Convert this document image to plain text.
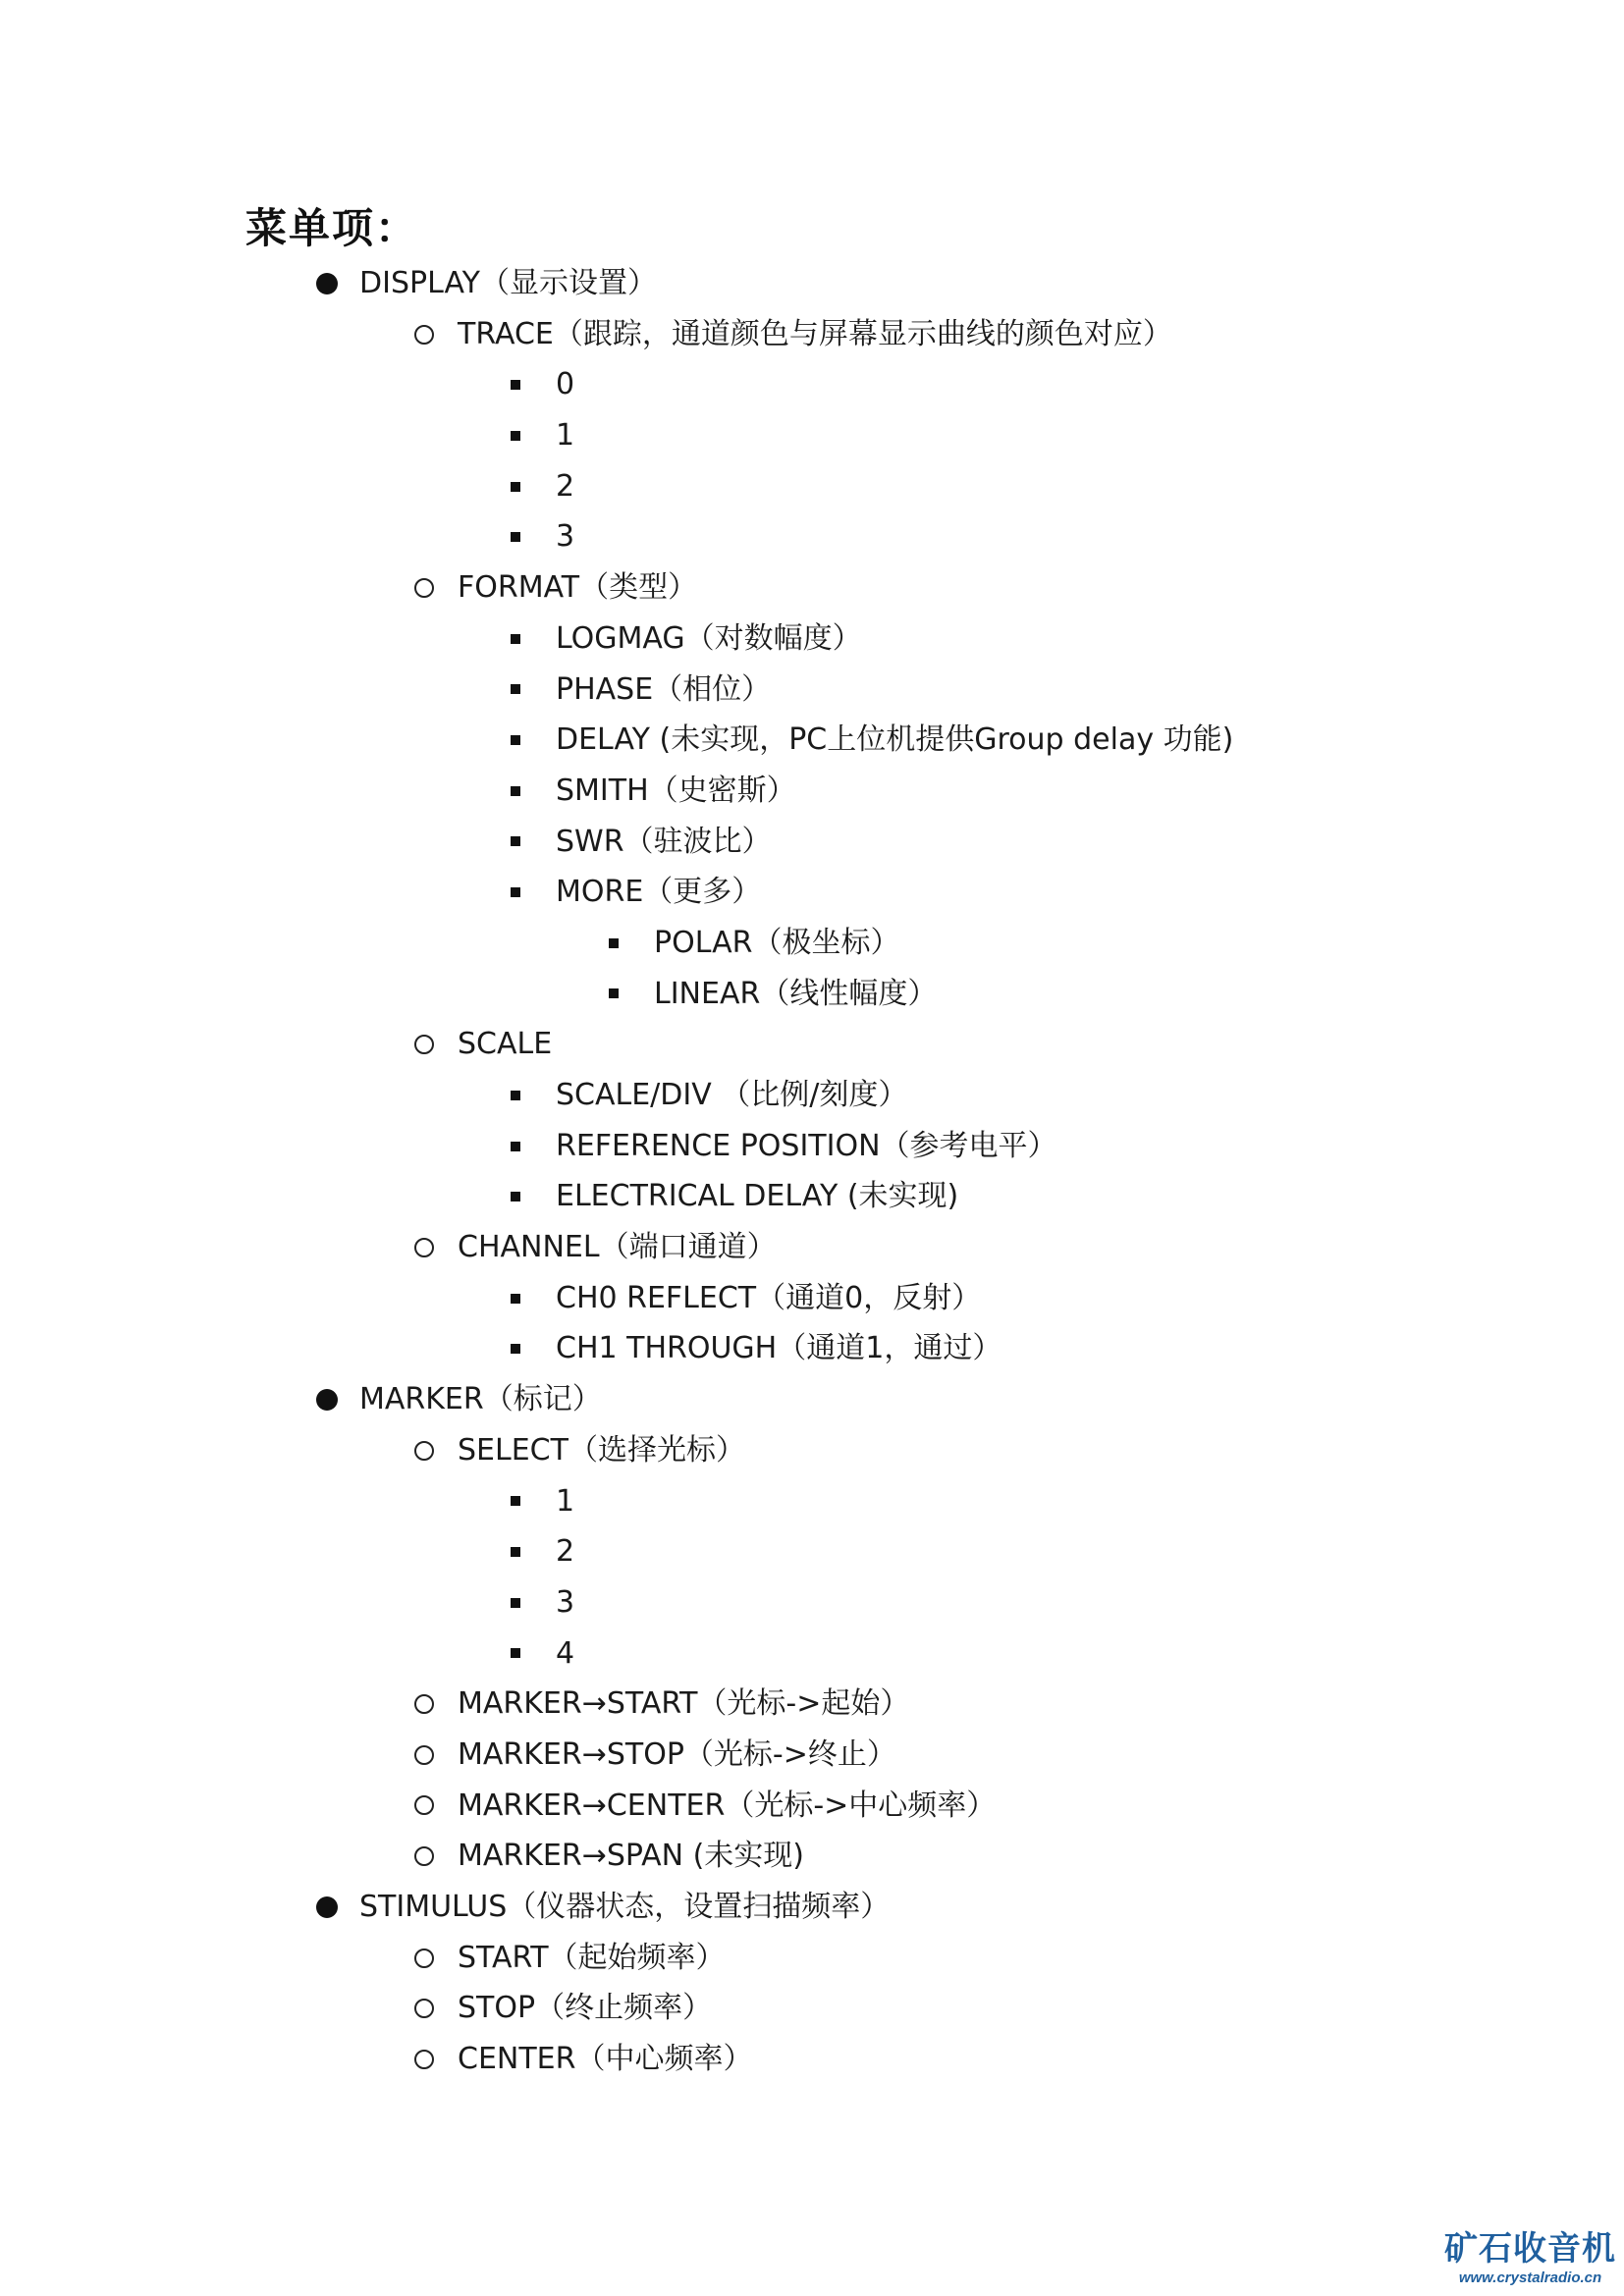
菜单项：
DISPLAY（显示设置）
TRACE（跟踪，通道颜色与屏幕显示曲线的颜色对应）
0
1
2
3
FORMAT（类型）
LOGMAG（对数幅度）
PHASE（相位）
DELAY (未实现，PC上位机提供Group delay 功能)
SMITH（史密斯）
SWR（驻波比）
MORE（更多）
POLAR（极坐标）
LINEAR（线性幅度）
SCALE
SCALE/DIV （比例/刻度）
REFERENCE POSITION（参考电平）
ELECTRICAL DELAY (未实现)
CHANNEL（端口通道）
CH0 REFLECT（通道0，反射）
CH1 THROUGH（通道1，通过）
MARKER（标记）
SELECT（选择光标）
1
2
3
4
MARKER→START（光标->起始）
MARKER→STOP（光标->终止）
MARKER→CENTER（光标->中心频率）
MARKER→SPAN (未实现)
STIMULUS（仪器状态，设置扫描频率）
START（起始频率）
STOP（终止频率）
CENTER（中心频率）
矿石收音机
www.crystalradio.cn
